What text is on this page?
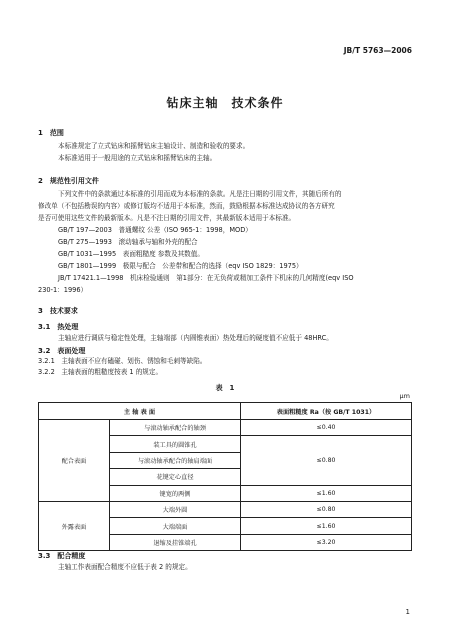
JB/T 5763—2006
钻床主轴　技术条件
1　范围
本标准规定了立式钻床和摇臂钻床主轴设计、制造和验收的要求。
本标准适用于一般用途的立式钻床和摇臂钻床的主轴。
2　规范性引用文件
下列文件中的条款通过本标准的引用而成为本标准的条款。凡是注日期的引用文件，其随后所有的
修改单（不包括勘误的内容）或修订版均不适用于本标准，然而，鼓励根据本标准达成协议的各方研究
是否可使用这些文件的最新版本。凡是不注日期的引用文件，其最新版本适用于本标准。
GB/T 197—2003　普通螺纹 公差（ISO 965-1：1998，MOD）
GB/T 275—1993　滚动轴承与轴和外壳的配合
GB/T 1031—1995　表面粗糙度 参数及其数值。
GB/T 1801—1999　极限与配合　公差带和配合的选择（eqv ISO 1829：1975）
JB/T 17421.1—1998　机床检验通则　第1部分：在无负荷或精加工条件下机床的几何精度(eqv ISO
230-1：1996）
3　技术要求
3.1　热处理
主轴应进行调质与稳定性处理，主轴端部（内圆锥表面）热处理后的硬度值不应低于 48HRC。
3.2　表面处理
3.2.1　主轴表面不应有磕碰、划伤、锈蚀和毛刺等缺陷。
3.2.2　主轴表面的粗糙度按表 1 的规定。
表　1
μm
主 轴 表 面		表面粗糙度 Ra（按 GB/T 1031）
配合表面	与滚动轴承配合的轴颈	≤0.40
	装工具的圆锥孔	≤0.80
	与滚动轴承配合的轴肩端面	
	花键定心直径	
	键宽的两侧	≤1.60
外露表面	大端外圆	≤0.80
	大端端面	≤1.60
	退缩及挂锥端孔	≤3.20
3.3　配合精度
主轴工作表面配合精度不应低于表 2 的规定。
1
